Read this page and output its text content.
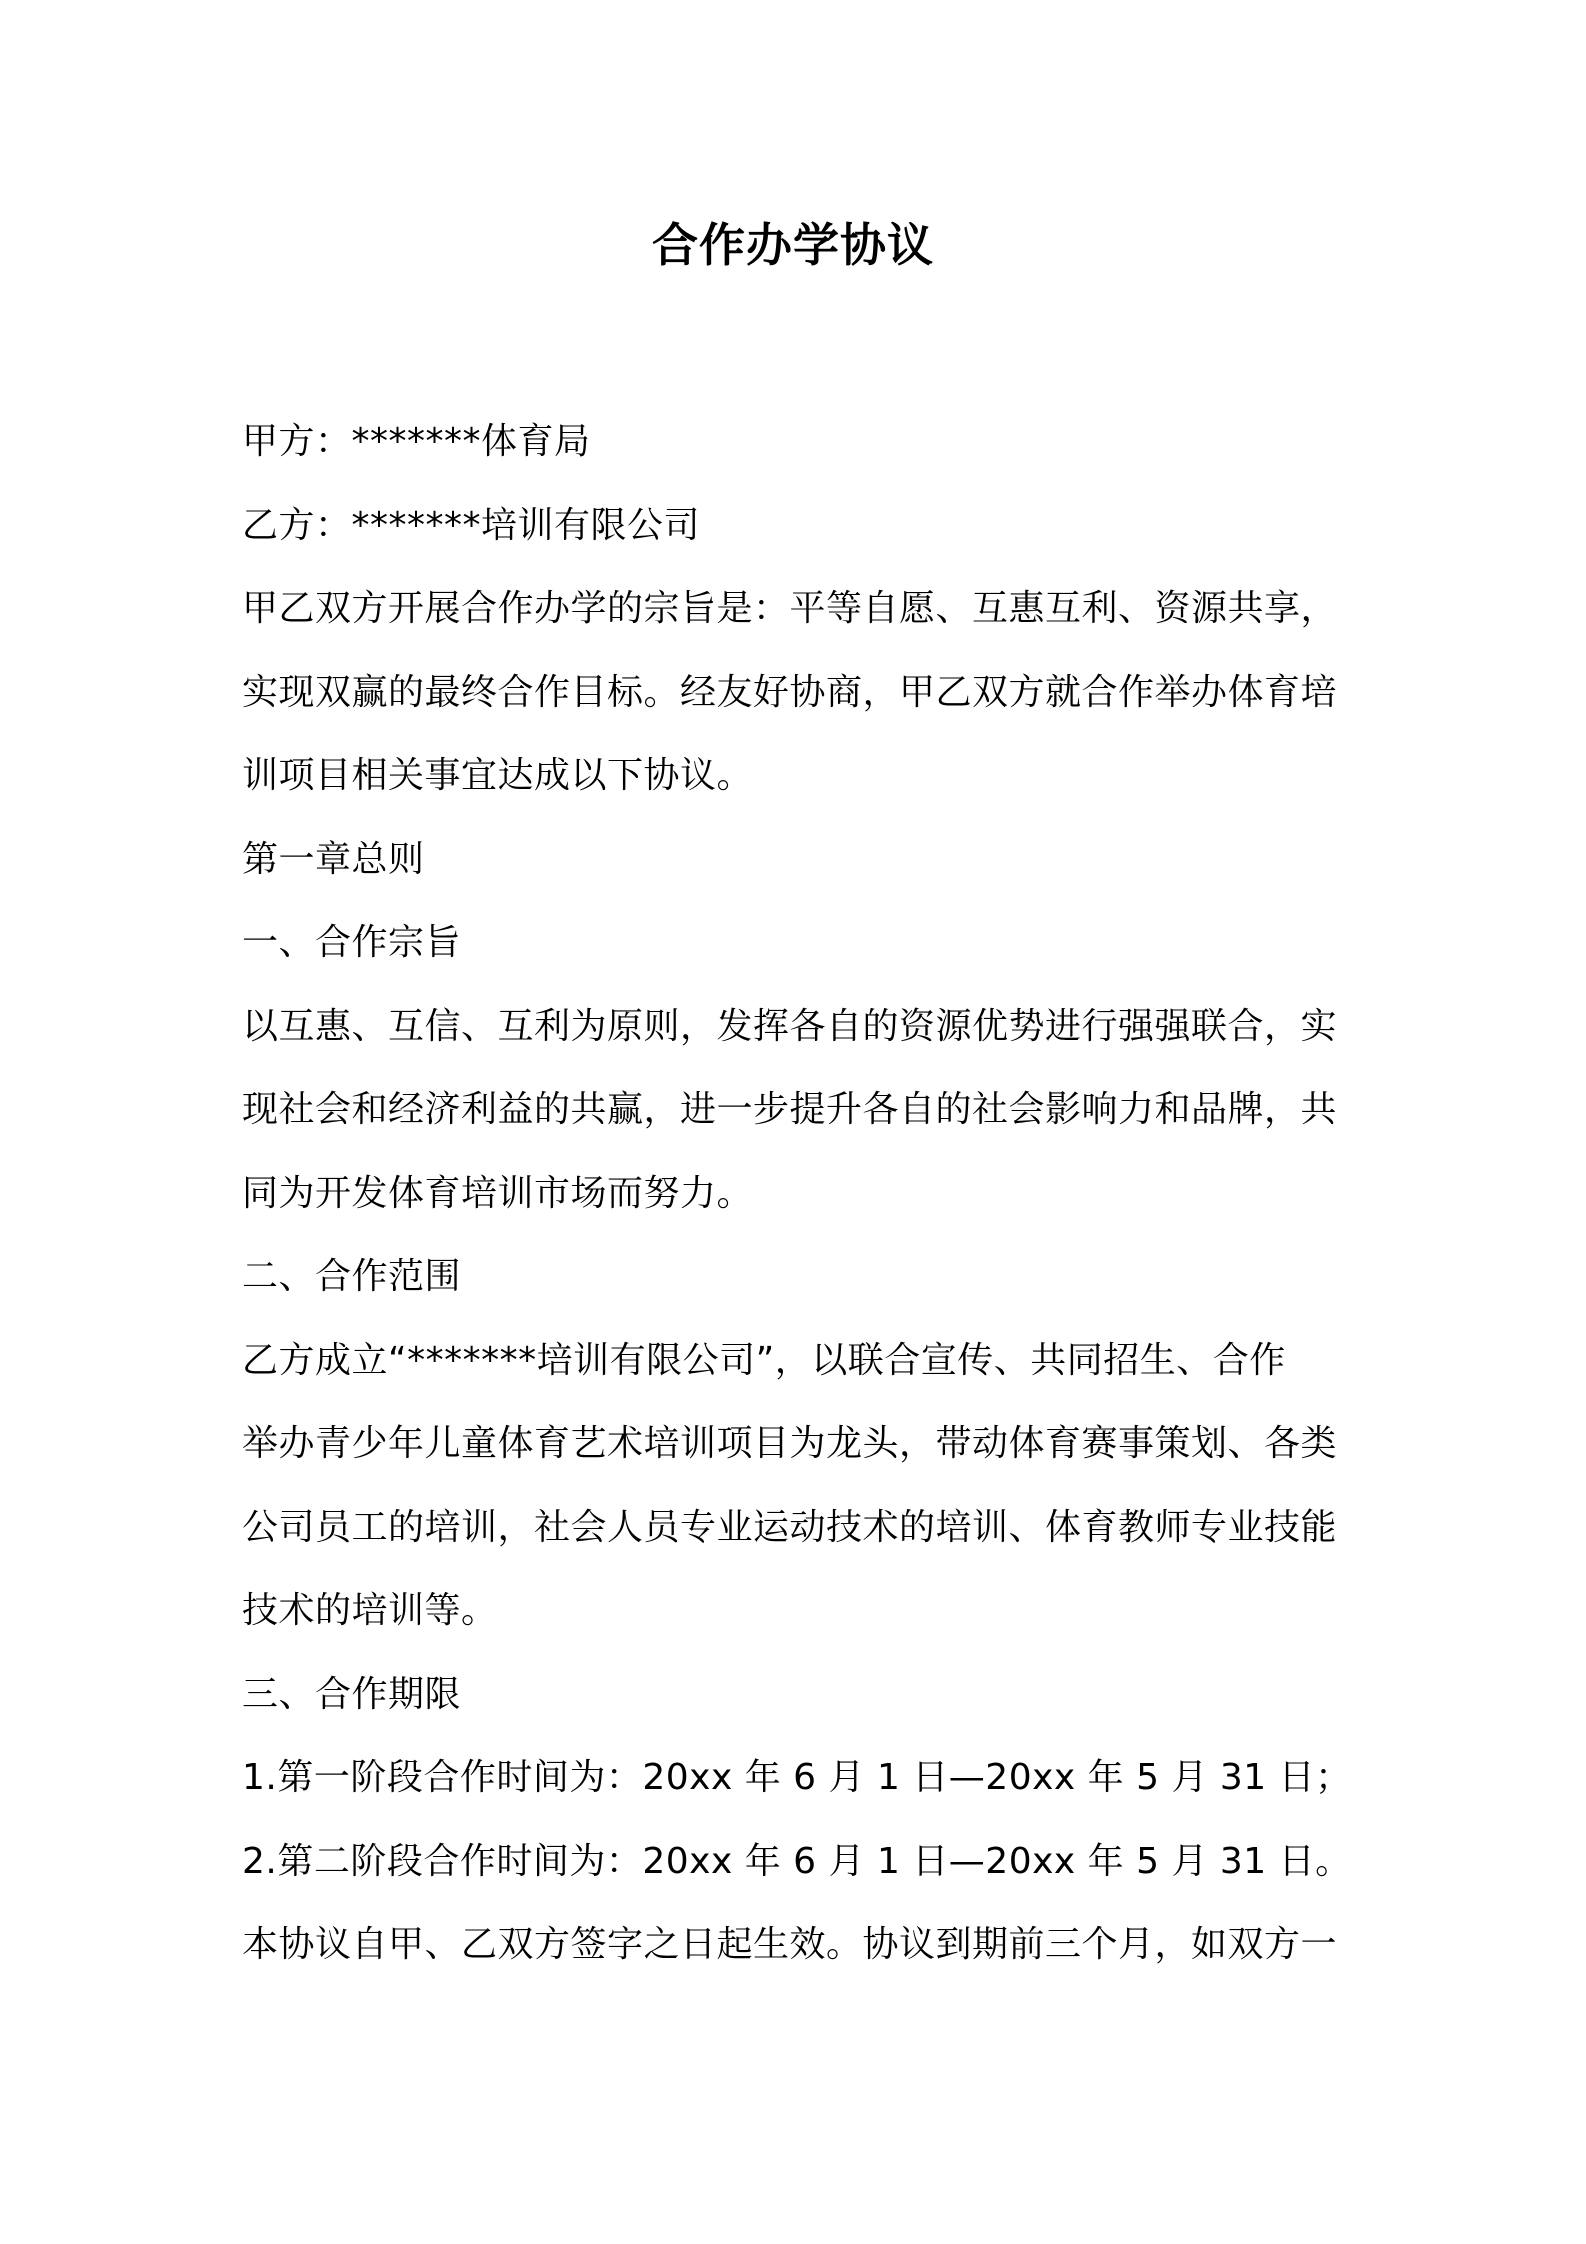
合作办学协议
甲方：*******体育局
乙方：*******培训有限公司
甲乙双方开展合作办学的宗旨是：平等自愿、互惠互利、资源共享，
实现双赢的最终合作目标。经友好协商，甲乙双方就合作举办体育培
训项目相关事宜达成以下协议。
第一章总则
一、合作宗旨
以互惠、互信、互利为原则，发挥各自的资源优势进行强强联合，实
现社会和经济利益的共赢，进一步提升各自的社会影响力和品牌，共
同为开发体育培训市场而努力。
二、合作范围
乙方成立“*******培训有限公司”，以联合宣传、共同招生、合作
举办青少年儿童体育艺术培训项目为龙头，带动体育赛事策划、各类
公司员工的培训，社会人员专业运动技术的培训、体育教师专业技能
技术的培训等。
三、合作期限
1.第一阶段合作时间为：20xx 年 6 月 1 日—20xx 年 5 月 31 日；
2.第二阶段合作时间为：20xx 年 6 月 1 日—20xx 年 5 月 31 日。
本协议自甲、乙双方签字之日起生效。协议到期前三个月，如双方一
